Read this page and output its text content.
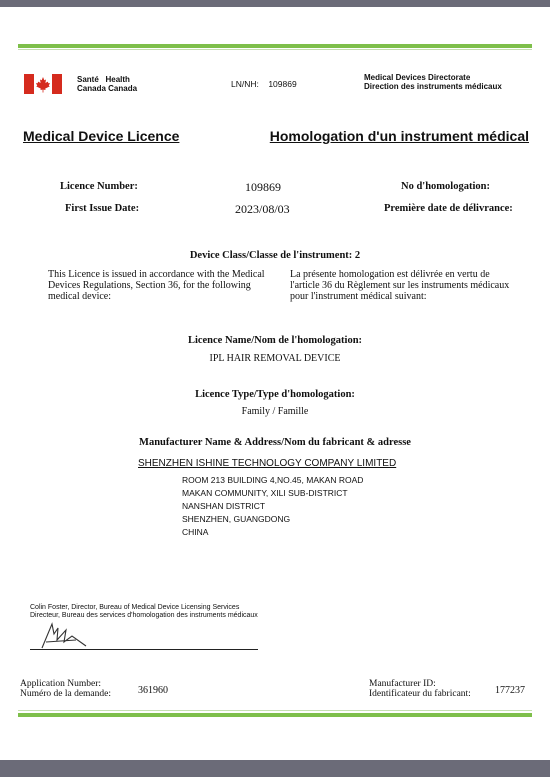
Santé Health
Canada Canada	LN/NH: 109869
Medical Devices Directorate
Direction des instruments médicaux
Medical Device Licence	Homologation d'un instrument médical
Licence Number:	109869	No d'homologation:
First Issue Date:	2023/08/03	Première date de délivrance:
Device Class/Classe de l'instrument: 2
This Licence is issued in accordance with the Medical Devices Regulations, Section 36, for the following medical device:
La présente homologation est délivrée en vertu de l'article 36 du Règlement sur les instruments médicaux pour l'instrument médical suivant:
Licence Name/Nom de l'homologation:
IPL HAIR REMOVAL DEVICE
Licence Type/Type d'homologation:
Family / Famille
Manufacturer Name & Address/Nom du fabricant & adresse
SHENZHEN ISHINE TECHNOLOGY COMPANY LIMITED
ROOM 213 BUILDING 4,NO.45, MAKAN ROAD
MAKAN COMMUNITY, XILI SUB-DISTRICT
NANSHAN DISTRICT
SHENZHEN, GUANGDONG
CHINA
Colin Foster, Director, Bureau of Medical Device Licensing Services
Directeur, Bureau des services d'homologation des instruments médicaux
Application Number:
Numéro de la demande:	361960
Manufacturer ID:
Identificateur du fabricant: 177237
